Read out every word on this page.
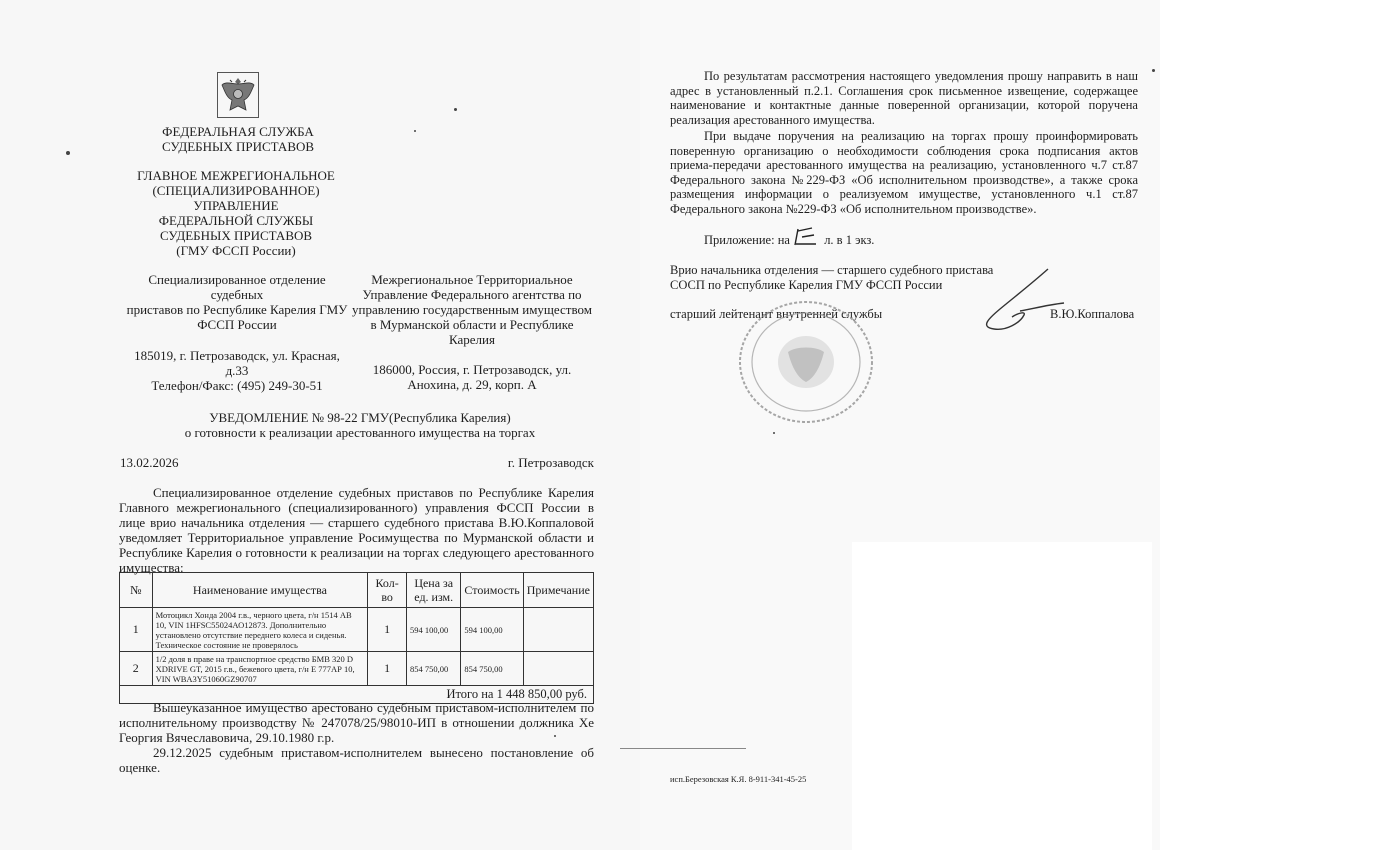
ФЕДЕРАЛЬНАЯ СЛУЖБА
СУДЕБНЫХ ПРИСТАВОВ
ГЛАВНОЕ МЕЖРЕГИОНАЛЬНОЕ
(СПЕЦИАЛИЗИРОВАННОЕ)
УПРАВЛЕНИЕ
ФЕДЕРАЛЬНОЙ СЛУЖБЫ
СУДЕБНЫХ ПРИСТАВОВ
(ГМУ ФССП России)
Специализированное отделение
судебных
приставов по Республике Карелия ГМУ
ФССП России
185019, г. Петрозаводск, ул. Красная,
д.33
Телефон/Факс: (495) 249-30-51
Межрегиональное Территориальное
Управление Федерального агентства по
управлению государственным имуществом
в Мурманской области и Республике
Карелия
186000, Россия, г. Петрозаводск, ул.
Анохина, д. 29, корп. А
УВЕДОМЛЕНИЕ № 98-22 ГМУ(Республика Карелия)
о готовности к реализации арестованного имущества на торгах
13.02.2026	г. Петрозаводск
Специализированное отделение судебных приставов по Республике Карелия Главного межрегионального (специализированного) управления ФССП России в лице врио начальника отделения — старшего судебного пристава В.Ю.Коппаловой уведомляет Территориальное управление Росимущества по Мурманской области и Республике Карелия о готовности к реализации на торгах следующего арестованного имущества:
№	Наименование имущества	Кол-во	Цена за ед. изм.	Стоимость	Примечание
1	Мотоцикл Хонда 2004 г.в., черного цвета, г/н 1514 АВ 10, VIN 1HFSC55024АО12873. Дополнительно установлено отсутствие переднего колеса и сиденья. Техническое состояние не проверялось	1	594 100,00	594 100,00	
2	1/2 доля в праве на транспортное средство БМВ 320 D XDRIVE GT, 2015 г.в., бежевого цвета, г/н Е 777АР 10, VIN WBA3Y51060GZ90707	1	854 750,00	854 750,00	
Итого на 1 448 850,00 руб.					
Вышеуказанное имущество арестовано судебным приставом-исполнителем по исполнительному производству № 247078/25/98010-ИП в отношении должника Хе Георгия Вячеславовича, 29.10.1980 г.р.
29.12.2025 судебным приставом-исполнителем вынесено постановление об оценке.
По результатам рассмотрения настоящего уведомления прошу направить в наш адрес в установленный п.2.1. Соглашения срок письменное извещение, содержащее наименование и контактные данные поверенной организации, которой поручена реализация арестованного имущества.
При выдаче поручения на реализацию на торгах прошу проинформировать поверенную организацию о необходимости соблюдения срока подписания актов приема-передачи арестованного имущества на реализацию, установленного ч.7 ст.87 Федерального закона №229-ФЗ «Об исполнительном производстве», а также срока размещения информации о реализуемом имуществе, установленного ч.1 ст.87 Федерального закона №229-ФЗ «Об исполнительном производстве».
Приложение: на	л. в 1 экз.
Врио начальника отделения — старшего судебного пристава
СОСП по Республике Карелия ГМУ ФССП России
старший лейтенант внутренней службы	В.Ю.Коппалова
исп.Березовская К.Я. 8-911-341-45-25
